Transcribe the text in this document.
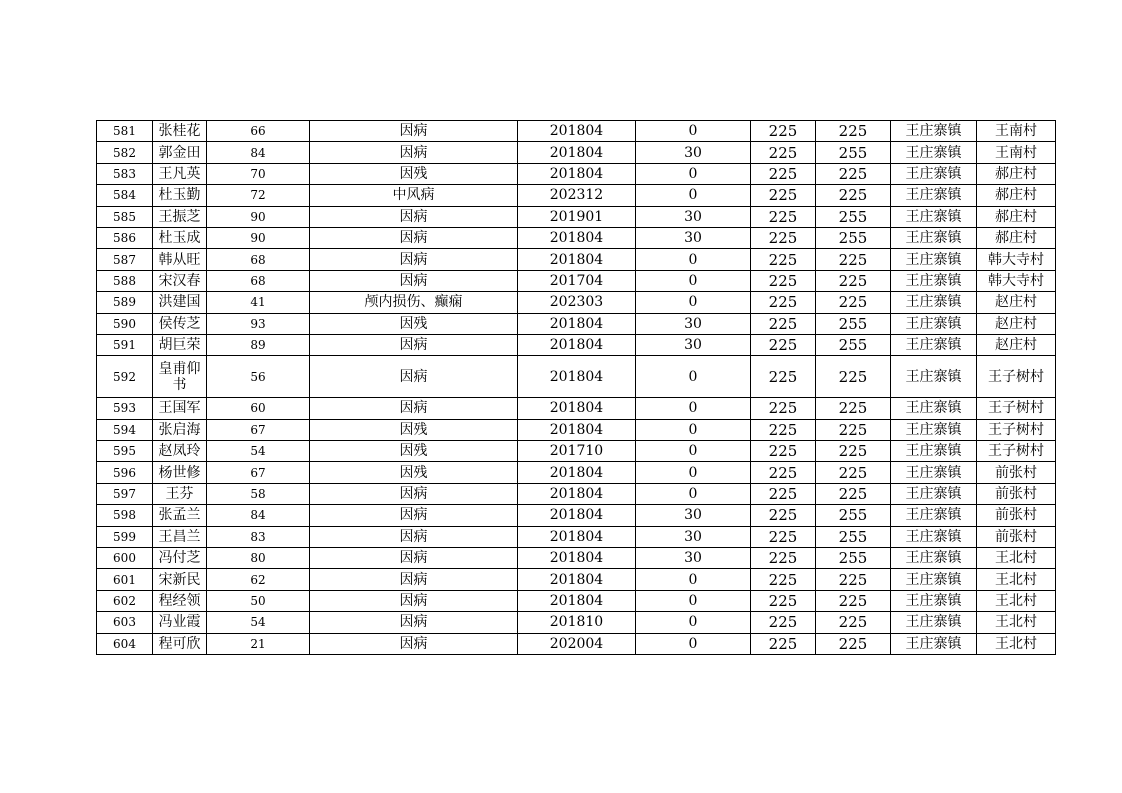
581	张桂花	66	因病	201804	0	225	225	王庄寨镇	王南村
582	郭金田	84	因病	201804	30	225	255	王庄寨镇	王南村
583	王凡英	70	因残	201804	0	225	225	王庄寨镇	郝庄村
584	杜玉勤	72	中风病	202312	0	225	225	王庄寨镇	郝庄村
585	王振芝	90	因病	201901	30	225	255	王庄寨镇	郝庄村
586	杜玉成	90	因病	201804	30	225	255	王庄寨镇	郝庄村
587	韩从旺	68	因病	201804	0	225	225	王庄寨镇	韩大寺村
588	宋汉春	68	因病	201704	0	225	225	王庄寨镇	韩大寺村
589	洪建国	41	颅内损伤、癫痫	202303	0	225	225	王庄寨镇	赵庄村
590	侯传芝	93	因残	201804	30	225	255	王庄寨镇	赵庄村
591	胡巨荣	89	因病	201804	30	225	255	王庄寨镇	赵庄村
592	皇甫仰书	56	因病	201804	0	225	225	王庄寨镇	王子树村
593	王国军	60	因病	201804	0	225	225	王庄寨镇	王子树村
594	张启海	67	因残	201804	0	225	225	王庄寨镇	王子树村
595	赵凤玲	54	因残	201710	0	225	225	王庄寨镇	王子树村
596	杨世修	67	因残	201804	0	225	225	王庄寨镇	前张村
597	王芬	58	因病	201804	0	225	225	王庄寨镇	前张村
598	张孟兰	84	因病	201804	30	225	255	王庄寨镇	前张村
599	王昌兰	83	因病	201804	30	225	255	王庄寨镇	前张村
600	冯付芝	80	因病	201804	30	225	255	王庄寨镇	王北村
601	宋新民	62	因病	201804	0	225	225	王庄寨镇	王北村
602	程经领	50	因病	201804	0	225	225	王庄寨镇	王北村
603	冯业霞	54	因病	201810	0	225	225	王庄寨镇	王北村
604	程可欣	21	因病	202004	0	225	225	王庄寨镇	王北村
